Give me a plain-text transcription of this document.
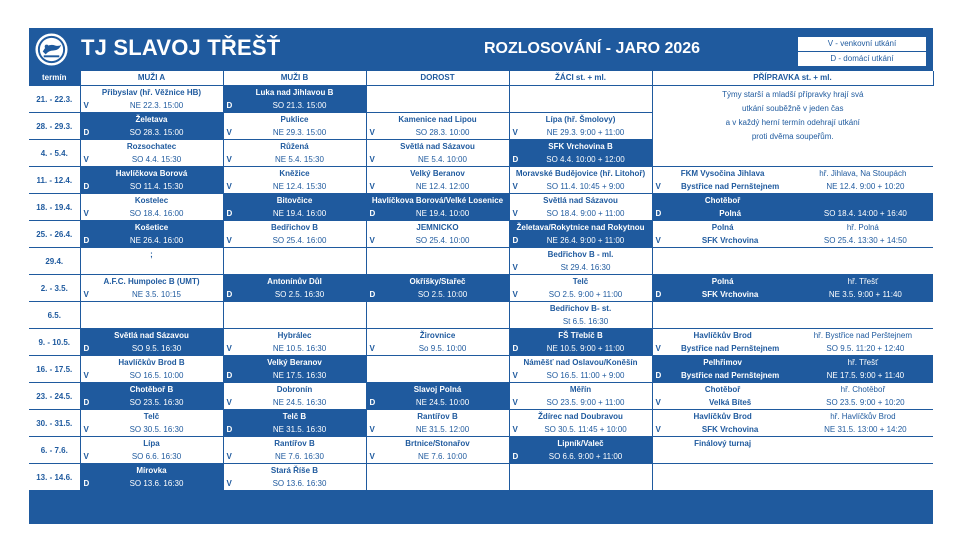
TJ SLAVOJ TŘEŠŤ	ROZLOSOVÁNÍ - JARO 2026	V - venkovní utkání
D - domácí utkání
termín	MUŽI A	MUŽI B	DOROST	ŽÁCI st. + ml.	PŘÍPRAVKA st. + ml.
21. - 22.3.	Přibyslav (hř. Věžnice HB)	Luka nad Jihlavou B			Týmy starší a mladší přípravky hrají svá
utkání souběžně v jeden čas
a v každý herní termín odehrají utkání
proti dvěma soupeřům.

	V NE 22.3. 15:00	D SO 21.3. 15:00			

28. - 29.3.	Želetava	Puklice	Kamenice nad Lipou	Lípa (hř. Šmolovy)	

	D SO 28.3. 15:00	V NE 29.3. 15:00	V SO 28.3. 10:00	V NE 29.3. 9:00 + 11:00	

4. - 5.4.	Rozsochatec	Růžená	Světlá nad Sázavou	SFK Vrchovina B	

	V SO 4.4. 15:30	V NE 5.4. 15:30	V NE 5.4. 10:00	D SO 4.4. 10:00 + 12:00	

11. - 12.4.	Havlíčkova Borová	Kněžice	Velký Beranov	Moravské Budějovice (hř. Litohoř)	FKM Vysočina Jihlava hř. Jihlava, Na Stoupách

	D SO 11.4. 15:30	V NE 12.4. 15:30	V NE 12.4. 12:00	V SO 11.4. 10:45 + 9:00	V Bystřice nad Pernštejnem NE 12.4. 9:00 + 10:20

18. - 19.4.	Kostelec	Bitovčice	Havlíčkova Borová/Velké Losenice	Světlá nad Sázavou	Chotěboř

	V SO 18.4. 16:00	D NE 19.4. 16:00	D NE 19.4. 10:00	V SO 18.4. 9:00 + 11:00	D Polná SO 18.4. 14:00 + 16:40

25. - 26.4.	Košetice	Bedřichov B	JEMNICKO	Želetava/Rokytnice nad Rokytnou	Polná hř. Polná

	D NE 26.4. 16:00	V SO 25.4. 16:00	V SO 25.4. 10:00	D NE 26.4. 9:00 + 11:00	V SFK Vrchovina SO 25.4. 13:30 + 14:50

29.4.	;			Bedřichov B - ml.	

				V St 29.4. 16:30	

2. - 3.5.	A.F.C. Humpolec B (UMT)	Antonínův Důl	Okříšky/Stařeč	Telč	Polná hř. Třešť

	V NE 3.5. 10:15	D SO 2.5. 16:30	D SO 2.5. 10:00	V SO 2.5. 9:00 + 11:00	D SFK Vrchovina NE 3.5. 9:00 + 11:40

6.5.				Bedřichov B- st.	

				St 6.5. 16:30	

9. - 10.5.	Světlá nad Sázavou	Hybrálec	Žirovnice	FŠ Třebíč B	Havlíčkův Brod hř. Bystřice nad Perštejnem

	D SO 9.5. 16:30	V NE 10.5. 16:30	V So 9.5. 10:00	D NE 10.5. 9:00 + 11:00	V Bystřice nad Pernštejnem SO 9.5. 11:20 + 12:40

16. - 17.5.	Havlíčkův Brod B	Velký Beranov		Náměšť nad Oslavou/Koněšín	Pelhřimov hř. Třešť

	V SO 16.5. 10:00	D NE 17.5. 16:30		V SO 16.5. 11:00 + 9:00	D Bystřice nad Pernštejnem NE 17.5. 9:00 + 11:40

23. - 24.5.	Chotěboř B	Dobronín	Slavoj Polná	Měřín	Chotěboř hř. Chotěboř

	D SO 23.5. 16:30	V NE 24.5. 16:30	D NE 24.5. 10:00	V SO 23.5. 9:00 + 11:00	V Velká Bíteš SO 23.5. 9:00 + 10:20

30. - 31.5.	Telč	Telč B	Rantířov B	Ždírec nad Doubravou	Havlíčkův Brod hř. Havlíčkův Brod

	V SO 30.5. 16:30	D NE 31.5. 16:30	V NE 31.5. 12:00	V SO 30.5. 11:45 + 10:00	V SFK Vrchovina NE 31.5. 13:00 + 14:20

6. - 7.6.	Lípa	Rantířov B	Brtnice/Stonařov	Lipník/Valeč	Finálový turnaj

	V SO 6.6. 16:30	V NE 7.6. 16:30	V NE 7.6. 10:00	D SO 6.6. 9:00 + 11:00	

13. - 14.6.	Mírovka	Stará Říše B			

	D SO 13.6. 16:30	V SO 13.6. 16:30			
